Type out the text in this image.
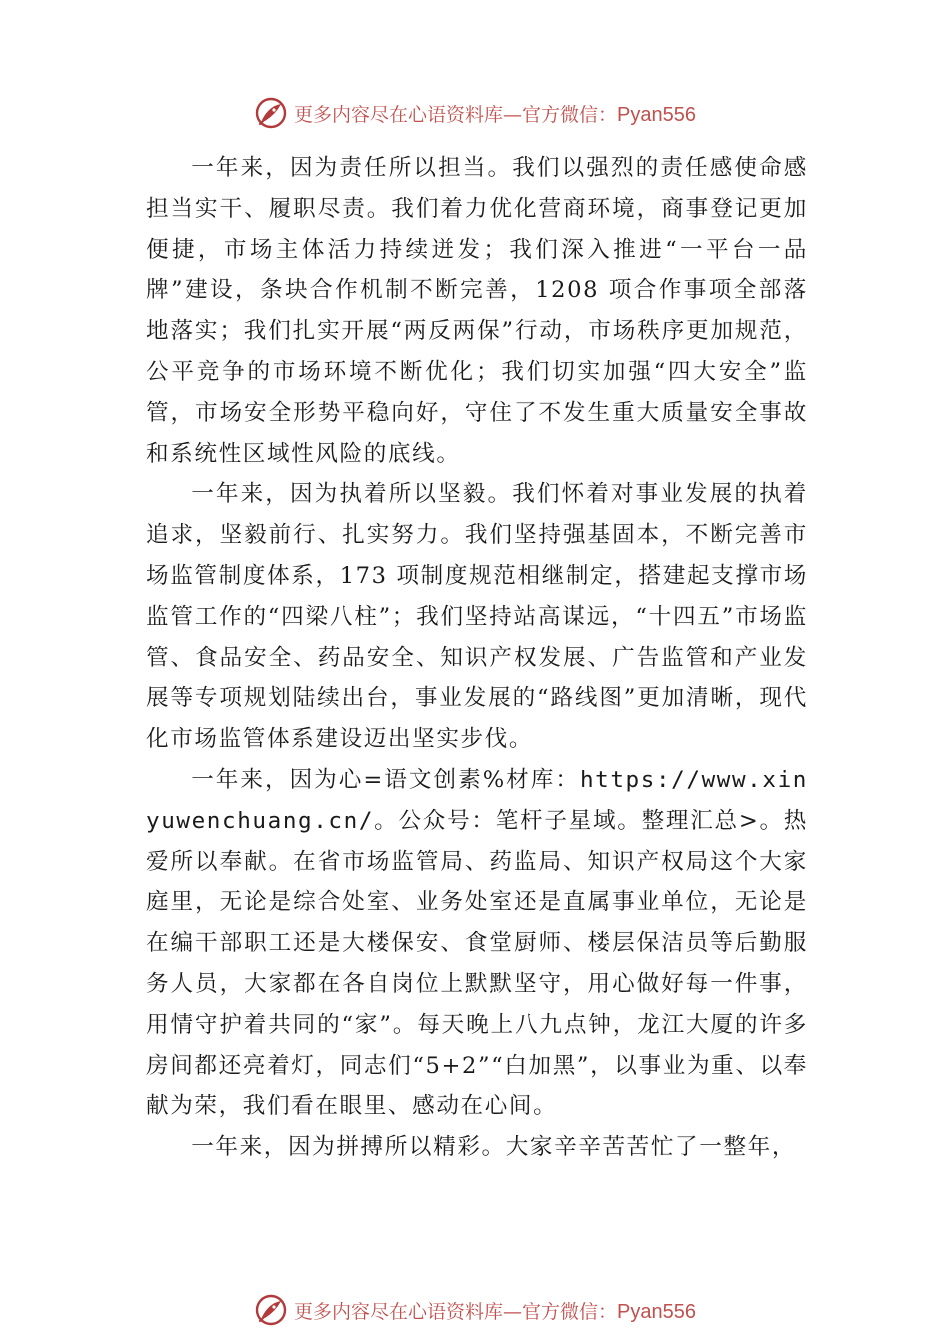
更多内容尽在心语资料库—官方微信：Pyan556

一年来，因为责任所以担当。我们以强烈的责任感使命感担当实干、履职尽责。我们着力优化营商环境，商事登记更加便捷，市场主体活力持续迸发；我们深入推进“一平台一品牌”建设，条块合作机制不断完善，1208 项合作事项全部落地落实；我们扎实开展“两反两保”行动，市场秩序更加规范，公平竞争的市场环境不断优化；我们切实加强“四大安全”监管，市场安全形势平稳向好，守住了不发生重大质量安全事故和系统性区域性风险的底线。

一年来，因为执着所以坚毅。我们怀着对事业发展的执着追求，坚毅前行、扎实努力。我们坚持强基固本，不断完善市场监管制度体系，173 项制度规范相继制定，搭建起支撑市场监管工作的“四梁八柱”；我们坚持站高谋远，“十四五”市场监管、食品安全、药品安全、知识产权发展、广告监管和产业发展等专项规划陆续出台，事业发展的“路线图”更加清晰，现代化市场监管体系建设迈出坚实步伐。

一年来，因为心=语文创素%材库：https://www.xinyuwenchuang.cn/。公众号：笔杆子星域。整理汇总>。热爱所以奉献。在省市场监管局、药监局、知识产权局这个大家庭里，无论是综合处室、业务处室还是直属事业单位，无论是在编干部职工还是大楼保安、食堂厨师、楼层保洁员等后勤服务人员，大家都在各自岗位上默默坚守，用心做好每一件事，用情守护着共同的“家”。每天晚上八九点钟，龙江大厦的许多房间都还亮着灯，同志们“5+2”“白加黑”，以事业为重、以奉献为荣，我们看在眼里、感动在心间。

一年来，因为拼搏所以精彩。大家辛辛苦苦忙了一整年，

更多内容尽在心语资料库—官方微信：Pyan556
